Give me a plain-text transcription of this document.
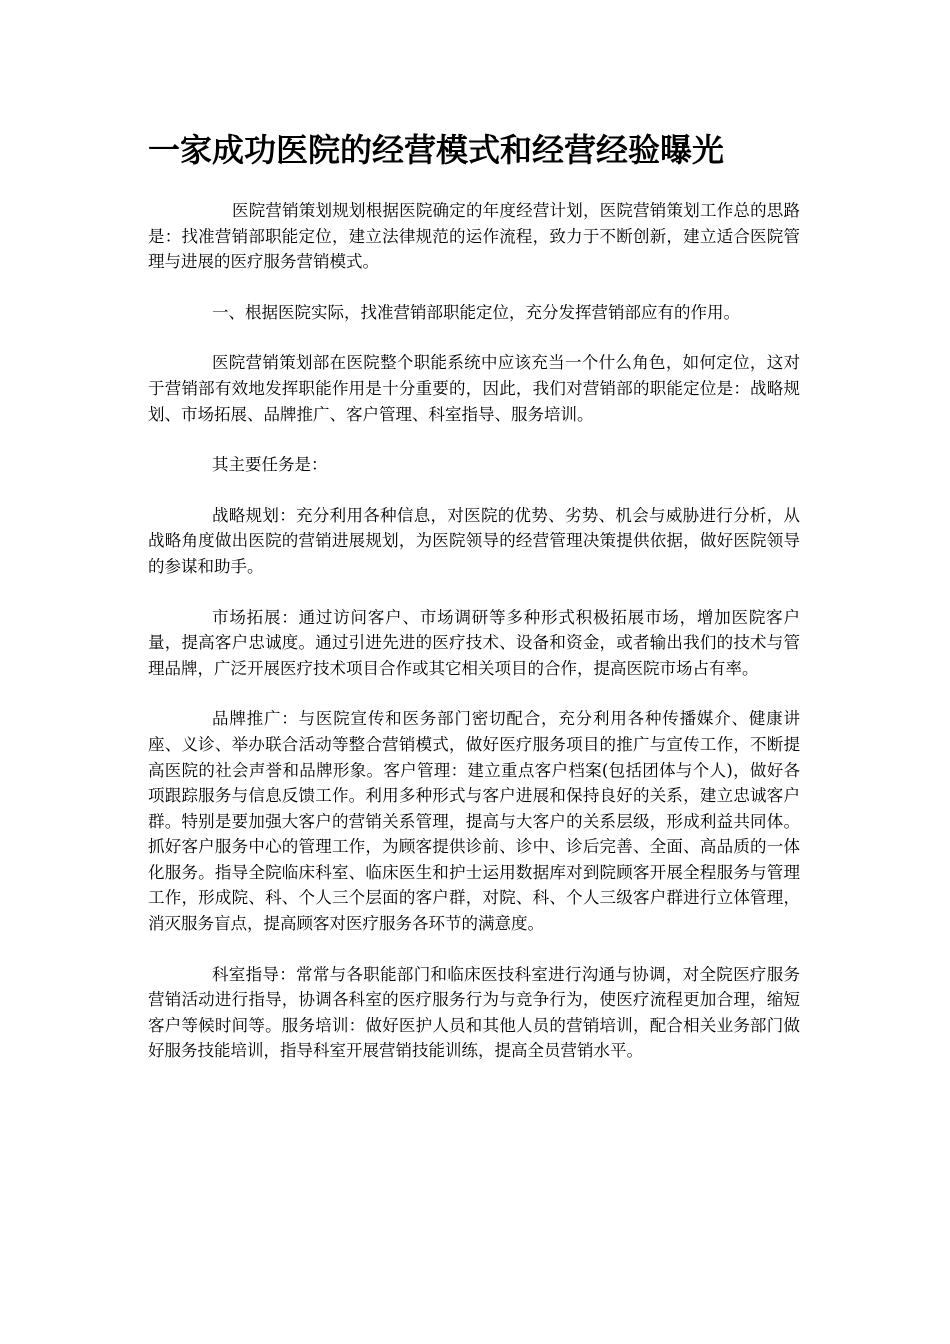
一家成功医院的经营模式和经营经验曝光

医院营销策划规划根据医院确定的年度经营计划，医院营销策划工作总的思路是：找准营销部职能定位，建立法律规范的运作流程，致力于不断创新，建立适合医院管理与进展的医疗服务营销模式。

一、根据医院实际，找准营销部职能定位，充分发挥营销部应有的作用。

医院营销策划部在医院整个职能系统中应该充当一个什么角色，如何定位，这对于营销部有效地发挥职能作用是十分重要的，因此，我们对营销部的职能定位是：战略规划、市场拓展、品牌推广、客户管理、科室指导、服务培训。

其主要任务是：

战略规划：充分利用各种信息，对医院的优势、劣势、机会与威胁进行分析，从战略角度做出医院的营销进展规划，为医院领导的经营管理决策提供依据，做好医院领导的参谋和助手。

市场拓展：通过访问客户、市场调研等多种形式积极拓展市场，增加医院客户量，提高客户忠诚度。通过引进先进的医疗技术、设备和资金，或者输出我们的技术与管理品牌，广泛开展医疗技术项目合作或其它相关项目的合作，提高医院市场占有率。

品牌推广：与医院宣传和医务部门密切配合，充分利用各种传播媒介、健康讲座、义诊、举办联合活动等整合营销模式，做好医疗服务项目的推广与宣传工作，不断提高医院的社会声誉和品牌形象。客户管理：建立重点客户档案(包括团体与个人)，做好各项跟踪服务与信息反馈工作。利用多种形式与客户进展和保持良好的关系，建立忠诚客户群。特别是要加强大客户的营销关系管理，提高与大客户的关系层级，形成利益共同体。抓好客户服务中心的管理工作，为顾客提供诊前、诊中、诊后完善、全面、高品质的一体化服务。指导全院临床科室、临床医生和护士运用数据库对到院顾客开展全程服务与管理工作，形成院、科、个人三个层面的客户群，对院、科、个人三级客户群进行立体管理，消灭服务盲点，提高顾客对医疗服务各环节的满意度。

科室指导：常常与各职能部门和临床医技科室进行沟通与协调，对全院医疗服务营销活动进行指导，协调各科室的医疗服务行为与竞争行为，使医疗流程更加合理，缩短客户等候时间等。服务培训：做好医护人员和其他人员的营销培训，配合相关业务部门做好服务技能培训，指导科室开展营销技能训练，提高全员营销水平。
